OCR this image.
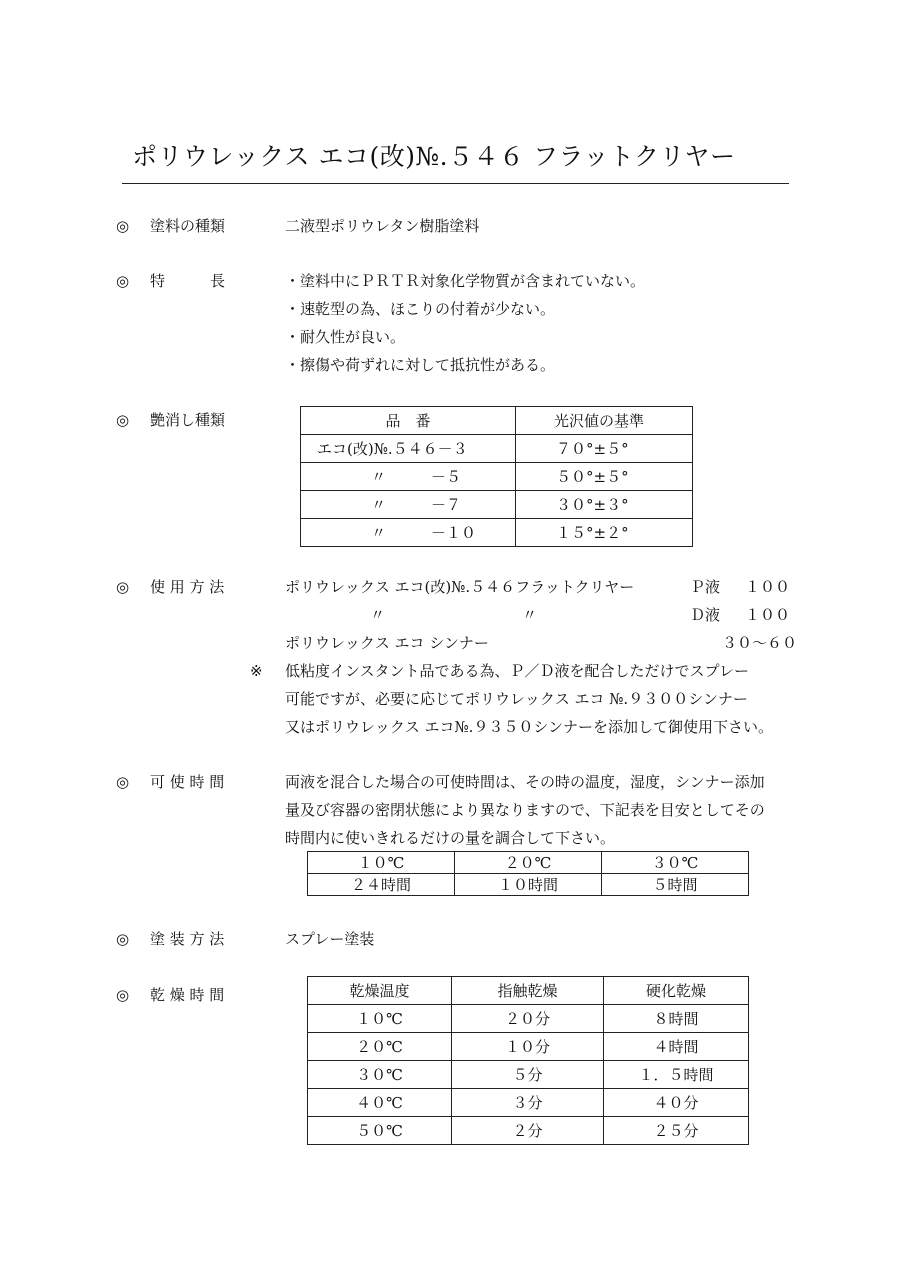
ポリウレックス エコ(改)№.５４６ フラットクリヤー
◎ 塗料の種類	二液型ポリウレタン樹脂塗料
◎ 特　　　長	・塗料中にＰＲＴＲ対象化学物質が含まれていない。
・速乾型の為、ほこりの付着が少ない。
・耐久性が良い。
・擦傷や荷ずれに対して抵抗性がある。
◎ 艶消し種類	品　番	光沢値の基準
エコ(改)№.５４６－３	７０°±５°
〃　　　－５	５０°±５°
〃　　　－７	３０°±３°
〃　　　－１０	１５°±２°
◎ 使 用 方 法	ポリウレックス エコ(改)№.５４６フラットクリヤー	Ｐ液 １００
〃	〃	Ｄ液 １００
ポリウレックス エコ シンナー	３０～６０
※ 低粘度インスタント品である為、Ｐ／Ｄ液を配合しただけでスプレー
可能ですが、必要に応じてポリウレックス エコ №.９３００シンナー
又はポリウレックス エコ№.９３５０シンナーを添加して御使用下さい。
◎ 可 使 時 間	両液を混合した場合の可使時間は、その時の温度，湿度，シンナー添加
量及び容器の密閉状態により異なりますので、下記表を目安としてその
時間内に使いきれるだけの量を調合して下さい。
１０℃	２０℃	３０℃
２４時間	１０時間	５時間
◎ 塗 装 方 法	スプレー塗装
◎ 乾 燥 時 間	乾燥温度	指触乾燥	硬化乾燥
１０℃	２０分	８時間
２０℃	１０分	４時間
３０℃	５分	１．５時間
４０℃	３分	４０分
５０℃	２分	２５分
